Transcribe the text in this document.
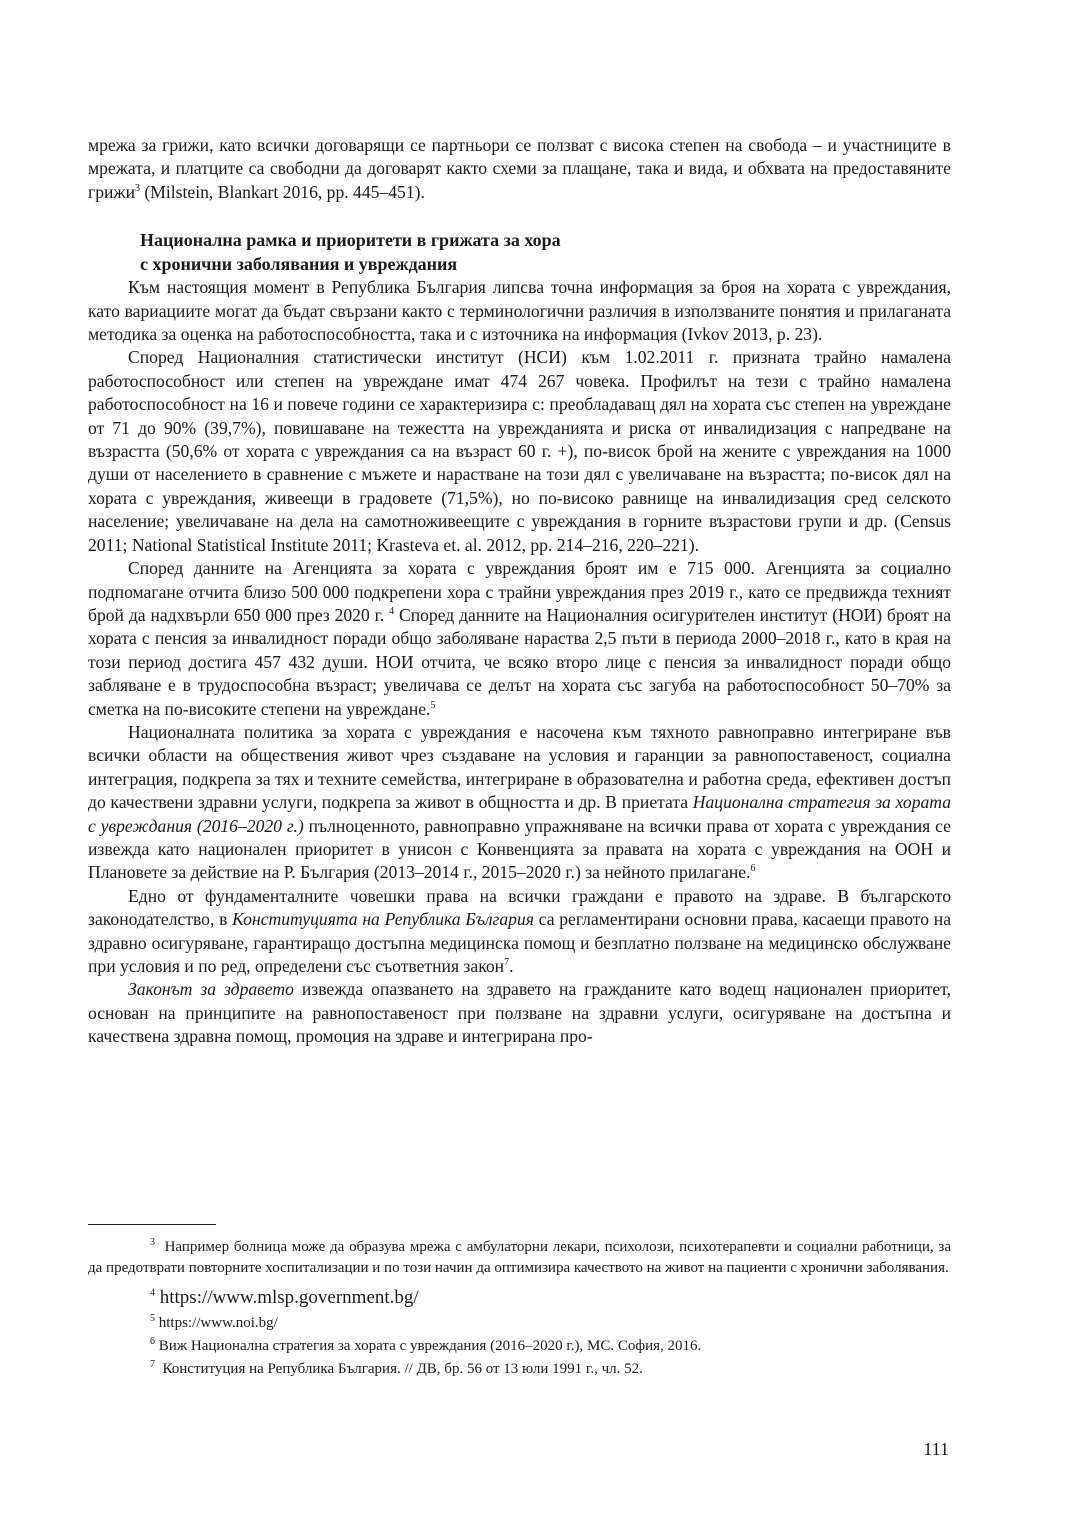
мрежа за грижи, като всички договарящи се партньори се ползват с висока степен на свобода – и участниците в мрежата, и платците са свободни да договарят както схеми за плащане, така и вида, и обхвата на предоставяните грижи$^3$ (Milstein, Blankart 2016, pp. 445–451).

Национална рамка и приоритети в грижата за хора
с хронични заболявания и увреждания

Към настоящия момент в Република България липсва точна информация за броя на хората с увреждания, като вариациите могат да бъдат свързани както с терминологични различия в използваните понятия и прилаганата методика за оценка на работоспособността, така и с източника на информация (Ivkov 2013, p. 23).

Според Националния статистически институт (НСИ) към 1.02.2011 г. призната трайно намалена работоспособност или степен на увреждане имат 474 267 човека. Профилът на тези с трайно намалена работоспособност на 16 и повече години се характеризира с: преобладаващ дял на хората със степен на увреждане от 71 до 90% (39,7%), повишаване на тежестта на уврежданията и риска от инвалидизация с напредване на възрастта (50,6% от хората с увреждания са на възраст 60 г. +), по-висок брой на жените с увреждания на 1000 души от населението в сравнение с мъжете и нарастване на този дял с увеличаване на възрастта; по-висок дял на хората с увреждания, живеещи в градовете (71,5%), но по-високо равнище на инвалидизация сред селското население; увеличаване на дела на самотноживеещите с увреждания в горните възрастови групи и др. (Census 2011; National Statistical Institute 2011; Krasteva et. al. 2012, pp. 214–216, 220–221).

Според данните на Агенцията за хората с увреждания броят им е 715 000. Агенцията за социално подпомагане отчита близо 500 000 подкрепени хора с трайни увреждания през 2019 г., като се предвижда техният брой да надхвърли 650 000 през 2020 г. $^4$ Според данните на Националния осигурителен институт (НОИ) броят на хората с пенсия за инвалидност поради общо заболяване нараства 2,5 пъти в периода 2000–2018 г., като в края на този период достига 457 432 души. НОИ отчита, че всяко второ лице с пенсия за инвалидност поради общо забляване е в трудоспособна възраст; увеличава се делът на хората със загуба на работоспособност 50–70% за сметка на по-високите степени на увреждане.$^5$

Националната политика за хората с увреждания е насочена към тяхното равноправно интегриране във всички области на обществения живот чрез създаване на условия и гаранции за равнопоставеност, социална интеграция, подкрепа за тях и техните семейства, интегриране в образователна и работна среда, ефективен достъп до качествени здравни услуги, подкрепа за живот в общността и др. В приетата Национална стратегия за хората с увреждания (2016–2020 г.) пълноценното, равноправно упражняване на всички права от хората с увреждания се извежда като национален приоритет в унисон с Конвенцията за правата на хората с увреждания на ООН и Плановете за действие на Р. България (2013–2014 г., 2015–2020 г.) за нейното прилагане.$^6$

Едно от фундаменталните човешки права на всички граждани е правото на здраве. В българското законодателство, в Конституцията на Република България са регламентирани основни права, касаещи правото на здравно осигуряване, гарантиращо достъпна медицинска помощ и безплатно ползване на медицинско обслужване при условия и по ред, определени със съответния закон$^7$.

Законът за здравето извежда опазването на здравето на гражданите като водещ национален приоритет, основан на принципите на равнопоставеност при ползване на здравни услуги, осигуряване на достъпна и качествена здравна помощ, промоция на здраве и интегрирана про-

$^3$ Например болница може да образува мрежа с амбулаторни лекари, психолози, психотерапевти и социални работници, за да предотврати повторните хоспитализации и по този начин да оптимизира качеството на живот на пациенти с хронични заболявания.

$^4$ https://www.mlsp.government.bg/
$^5$ https://www.noi.bg/
$^6$ Виж Национална стратегия за хората с увреждания (2016–2020 г.), МС. София, 2016.
$^7$ Конституция на Република България. // ДВ, бр. 56 от 13 юли 1991 г., чл. 52.
111
